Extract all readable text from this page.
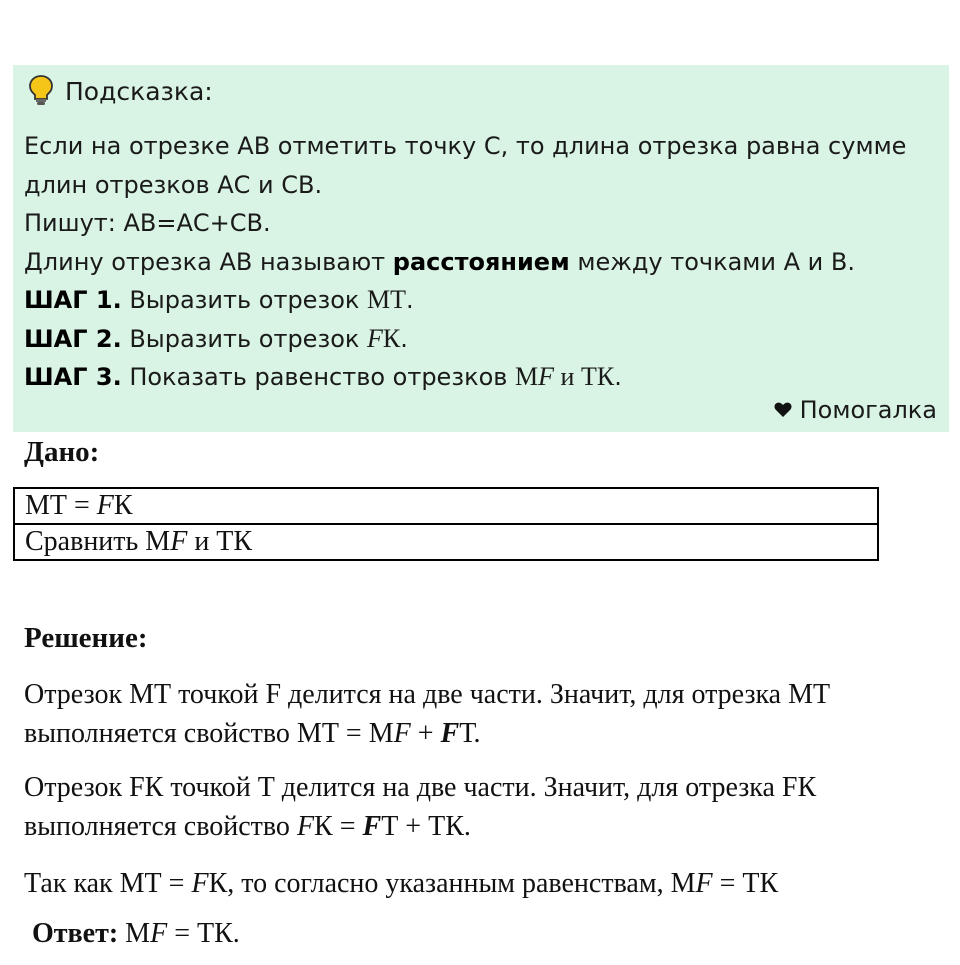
Подсказка:
Если на отрезке АВ отметить точку С, то длина отрезка равна сумме
длин отрезков АС и СВ.
Пишут: АВ=АС+СВ.
Длину отрезка АВ называют расстоянием между точками А и В.
ШАГ 1. Выразить отрезок МТ.
ШАГ 2. Выразить отрезок FК.
ШАГ 3. Показать равенство отрезков МF и ТК.
Помогалка
Дано:
МТ = FК
Сравнить МF и ТК
Решение:
Отрезок МТ точкой F делится на две части. Значит, для отрезка МТ
выполняется свойство МТ = МF + FТ.
Отрезок FК точкой Т делится на две части. Значит, для отрезка FК
выполняется свойство FК = FТ + ТК.
Так как МТ = FК, то согласно указанным равенствам, МF = ТК
Ответ: МF = ТК.
